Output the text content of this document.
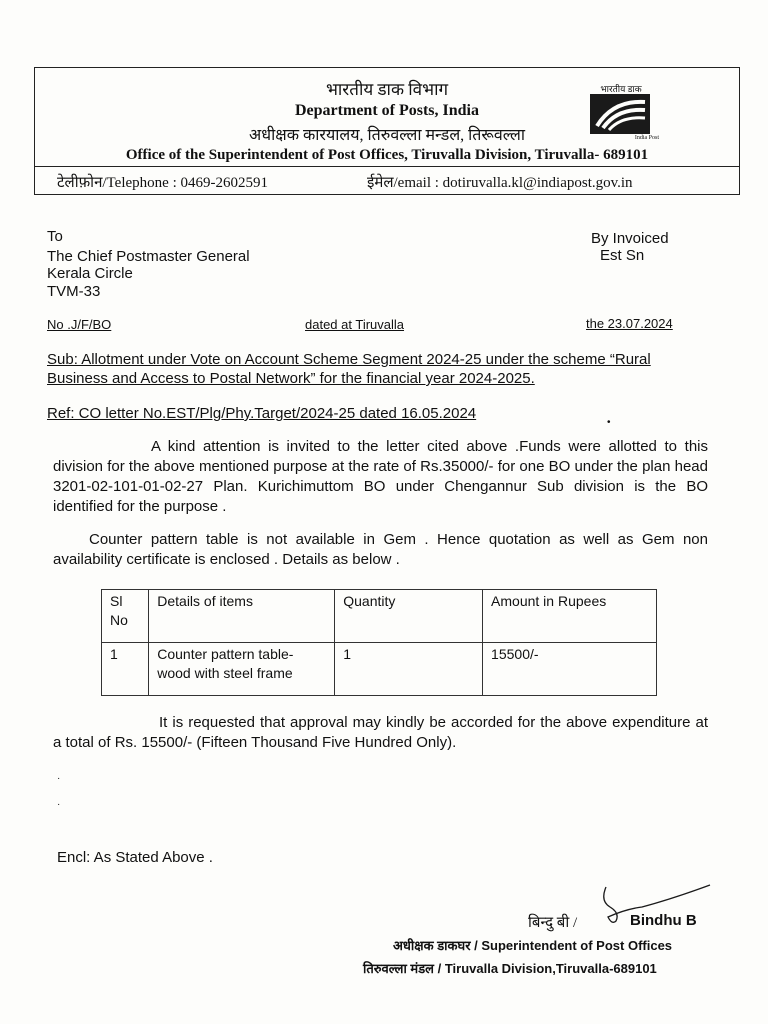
भारतीय डाक विभाग
Department of Posts, India
अधीक्षक कारयालय, तिरुवल्ला मन्डल, तिरूवल्ला
Office of the Superintendent of Post Offices, Tiruvalla Division, Tiruvalla- 689101
भारतीय डाक
India Post
टेलीफ़ोन/Telephone : 0469-2602591	ईमेल/email : dotiruvalla.kl@indiapost.gov.in
To
The Chief Postmaster General
Kerala Circle
TVM-33
By Invoiced
Est Sn
No .J/F/BO	dated at Tiruvalla	the 23.07.2024
Sub: Allotment under Vote on Account Scheme Segment 2024-25 under the scheme “Rural
Business and Access to Postal Network” for the financial year 2024-2025.
Ref: CO letter No.EST/Plg/Phy.Target/2024-25 dated 16.05.2024
•
A kind attention is invited to the letter cited above .Funds were allotted to this division for the above mentioned purpose at the rate of Rs.35000/- for one BO under the plan head 3201-02-101-01-02-27 Plan. Kurichimuttom BO under Chengannur Sub division is the BO identified for the purpose .
Counter pattern table is not available in Gem . Hence quotation as well as Gem non availability certificate is enclosed . Details as below .
Sl No	Details of items	Quantity	Amount in Rupees
1	Counter pattern table-wood with steel frame	1	15500/-
It is requested that approval may kindly be accorded for the above expenditure at a total of Rs. 15500/- (Fifteen Thousand Five Hundred Only).
·
·
Encl: As Stated Above .
बिन्दु बी /	Bindhu B
अधीक्षक डाकघर / Superintendent of Post Offices
तिरुवल्ला मंडल / Tiruvalla Division,Tiruvalla-689101
